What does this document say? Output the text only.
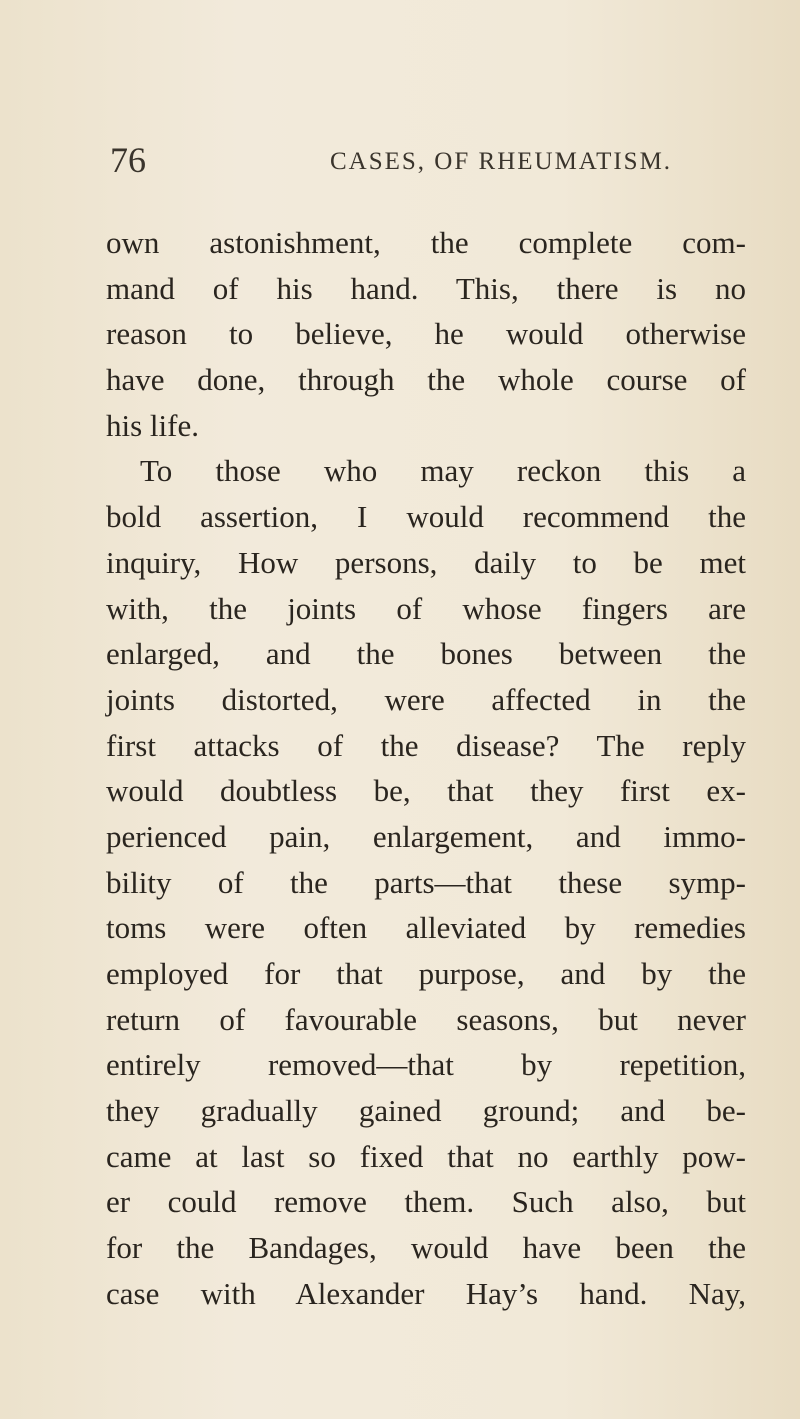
76	CASES, OF RHEUMATISM.
own astonishment, the complete com-
mand of his hand. This, there is no
reason to believe, he would otherwise
have done, through the whole course of
his life.
To those who may reckon this a
bold assertion, I would recommend the
inquiry, How persons, daily to be met
with, the joints of whose fingers are
enlarged, and the bones between the
joints distorted, were affected in the
first attacks of the disease? The reply
would doubtless be, that they first ex-
perienced pain, enlargement, and immo-
bility of the parts—that these symp-
toms were often alleviated by remedies
employed for that purpose, and by the
return of favourable seasons, but never
entirely removed—that by repetition,
they gradually gained ground; and be-
came at last so fixed that no earthly pow-
er could remove them. Such also, but
for the Bandages, would have been the
case with Alexander Hay’s hand. Nay,
